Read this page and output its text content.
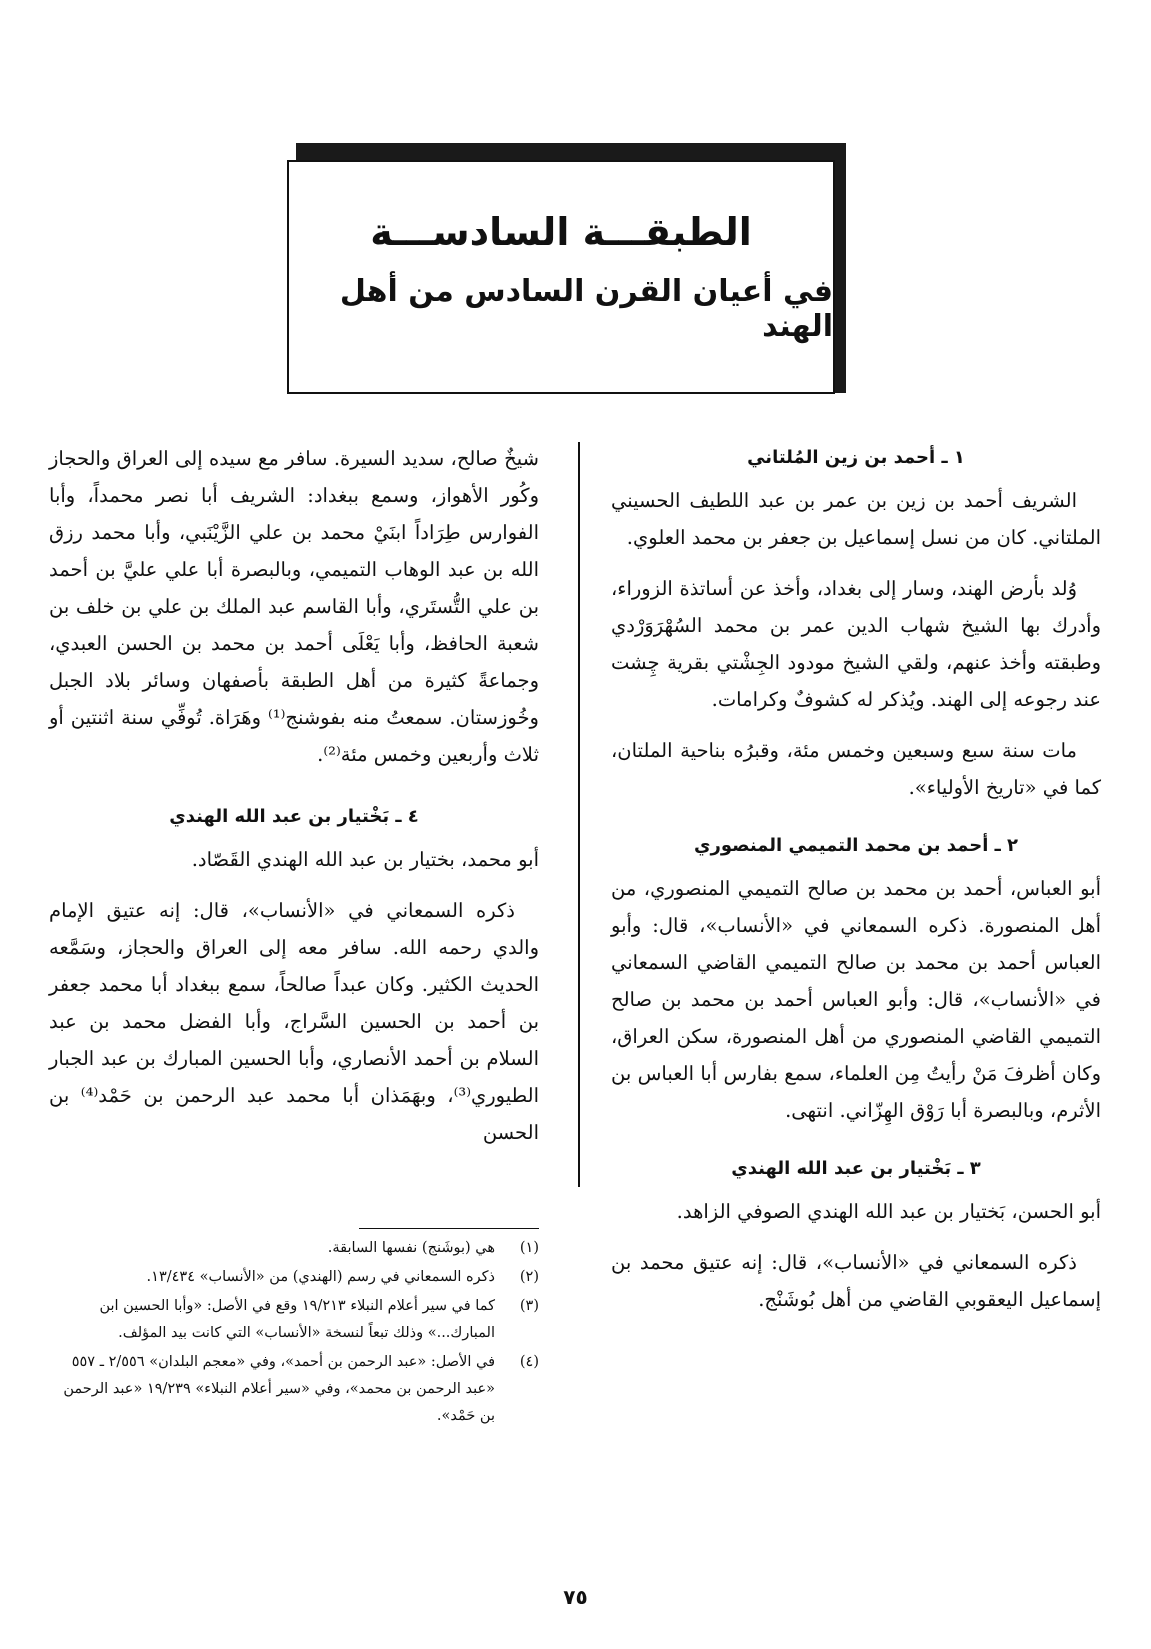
الطبقـــة السادســـة
في أعيان القرن السادس من أهل الهند
١ ـ أحمد بن زين المُلتاني

الشريف أحمد بن زين بن عمر بن عبد اللطيف الحسيني الملتاني. كان من نسل إسماعيل بن جعفر بن محمد العلوي.

وُلد بأرض الهند، وسار إلى بغداد، وأخذ عن أساتذة الزوراء، وأدرك بها الشيخ شهاب الدين عمر بن محمد السُهْرَوَرْدي وطبقته وأخذ عنهم، ولقي الشيخ مودود الجِشْتي بقرية چِشت عند رجوعه إلى الهند. ويُذكر له كشوفٌ وكرامات.

مات سنة سبع وسبعين وخمس مئة، وقبرُه بناحية الملتان، كما في «تاريخ الأولياء».

٢ ـ أحمد بن محمد التميمي المنصوري

أبو العباس، أحمد بن محمد بن صالح التميمي المنصوري، من أهل المنصورة. ذكره السمعاني في «الأنساب»، قال: وأبو العباس أحمد بن محمد بن صالح التميمي القاضي السمعاني في «الأنساب»، قال: وأبو العباس أحمد بن محمد بن صالح التميمي القاضي المنصوري من أهل المنصورة، سكن العراق، وكان أظرفَ مَنْ رأيتُ مِن العلماء، سمع بفارس أبا العباس بن الأثرم، وبالبصرة أبا رَوْق الهِزّاني. انتهى.

٣ ـ بَخْتيار بن عبد الله الهندي

أبو الحسن، بَختيار بن عبد الله الهندي الصوفي الزاهد.

ذكره السمعاني في «الأنساب»، قال: إنه عتيق محمد بن إسماعيل اليعقوبي القاضي من أهل بُوشَنْج.

شيخٌ صالح، سديد السيرة. سافر مع سيده إلى العراق والحجاز وكُور الأهواز، وسمع ببغداد: الشريف أبا نصر محمداً، وأبا الفوارس طِرَاداً ابنَيْ محمد بن علي الزَّيْنَبي، وأبا محمد رزق الله بن عبد الوهاب التميمي، وبالبصرة أبا علي عليَّ بن أحمد بن علي التُّستَري، وأبا القاسم عبد الملك بن علي بن خلف بن شعبة الحافظ، وأبا يَعْلَى أحمد بن محمد بن الحسن العبدي، وجماعةً كثيرة من أهل الطبقة بأصفهان وسائر بلاد الجبل وخُوزستان. سمعتُ منه بفوشنج⁽¹⁾ وهَرَاة. تُوفِّي سنة اثنتين أو ثلاث وأربعين وخمس مئة⁽²⁾.

٤ ـ بَخْتيار بن عبد الله الهندي

أبو محمد، بختيار بن عبد الله الهندي القَصّاد.

ذكره السمعاني في «الأنساب»، قال: إنه عتيق الإمام والدي رحمه الله. سافر معه إلى العراق والحجاز، وسَمَّعه الحديث الكثير. وكان عبداً صالحاً، سمع ببغداد أبا محمد جعفر بن أحمد بن الحسين السَّراج، وأبا الفضل محمد بن عبد السلام بن أحمد الأنصاري، وأبا الحسين المبارك بن عبد الجبار الطيوري⁽³⁾، وبهَمَذان أبا محمد عبد الرحمن بن حَمْد⁽⁴⁾ بن الحسن

(١)
هي (بوشَنج) نفسها السابقة.
(٢)
ذكره السمعاني في رسم (الهندي) من «الأنساب» ١٣/٤٣٤.
(٣)
كما في سير أعلام النبلاء ١٩/٢١٣ وقع في الأصل: «وأبا الحسين ابن المبارك...» وذلك تبعاً لنسخة «الأنساب» التي كانت بيد المؤلف.
(٤)
في الأصل: «عبد الرحمن بن أحمد»، وفي «معجم البلدان» ٢/٥٥٦ ـ ٥٥٧ «عبد الرحمن بن محمد»، وفي «سير أعلام النبلاء» ١٩/٢٣٩ «عبد الرحمن بن حَمْد».
٧٥
